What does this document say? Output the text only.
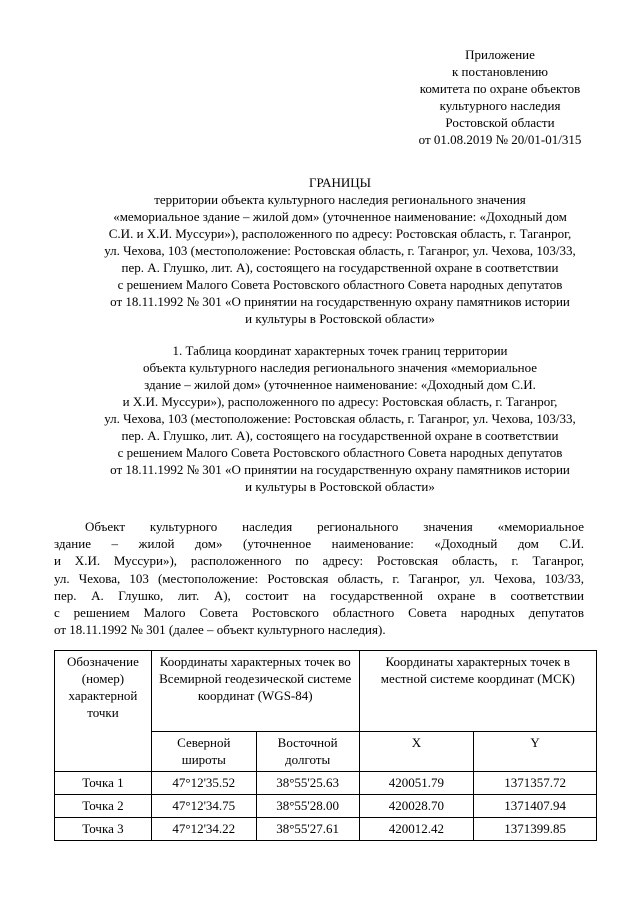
Приложение
к постановлению
комитета по охране объектов
культурного наследия
Ростовской области
от 01.08.2019 № 20/01-01/315
ГРАНИЦЫ
территории объекта культурного наследия регионального значения
«мемориальное здание – жилой дом» (уточненное наименование: «Доходный дом
С.И. и Х.И. Муссури»), расположенного по адресу: Ростовская область, г. Таганрог,
ул. Чехова, 103 (местоположение: Ростовская область, г. Таганрог, ул. Чехова, 103/33,
пер. А. Глушко, лит. А), состоящего на государственной охране в соответствии
с решением Малого Совета Ростовского областного Совета народных депутатов
от 18.11.1992 № 301 «О принятии на государственную охрану памятников истории
и культуры в Ростовской области»
1. Таблица координат характерных точек границ территории
объекта культурного наследия регионального значения «мемориальное
здание – жилой дом» (уточненное наименование: «Доходный дом С.И.
и Х.И. Муссури»), расположенного по адресу: Ростовская область, г. Таганрог,
ул. Чехова, 103 (местоположение: Ростовская область, г. Таганрог, ул. Чехова, 103/33,
пер. А. Глушко, лит. А), состоящего на государственной охране в соответствии
с решением Малого Совета Ростовского областного Совета народных депутатов
от 18.11.1992 № 301 «О принятии на государственную охрану памятников истории
и культуры в Ростовской области»
Объект культурного наследия регионального значения «мемориальное
здание – жилой дом» (уточненное наименование: «Доходный дом С.И.
и Х.И. Муссури»), расположенного по адресу: Ростовская область, г. Таганрог,
ул. Чехова, 103 (местоположение: Ростовская область, г. Таганрог, ул. Чехова, 103/33,
пер. А. Глушко, лит. А), состоит на государственной охране в соответствии
с решением Малого Совета Ростовского областного Совета народных депутатов
от 18.11.1992 № 301 (далее – объект культурного наследия).
Обозначение (номер) характерной точки	Координаты характерных точек во Всемирной геодезической системе координат (WGS-84)		Координаты характерных точек в местной системе координат (МСК)	
	Северной широты	Восточной долготы	X	Y
Точка 1	47°12'35.52	38°55'25.63	420051.79	1371357.72
Точка 2	47°12'34.75	38°55'28.00	420028.70	1371407.94
Точка 3	47°12'34.22	38°55'27.61	420012.42	1371399.85
